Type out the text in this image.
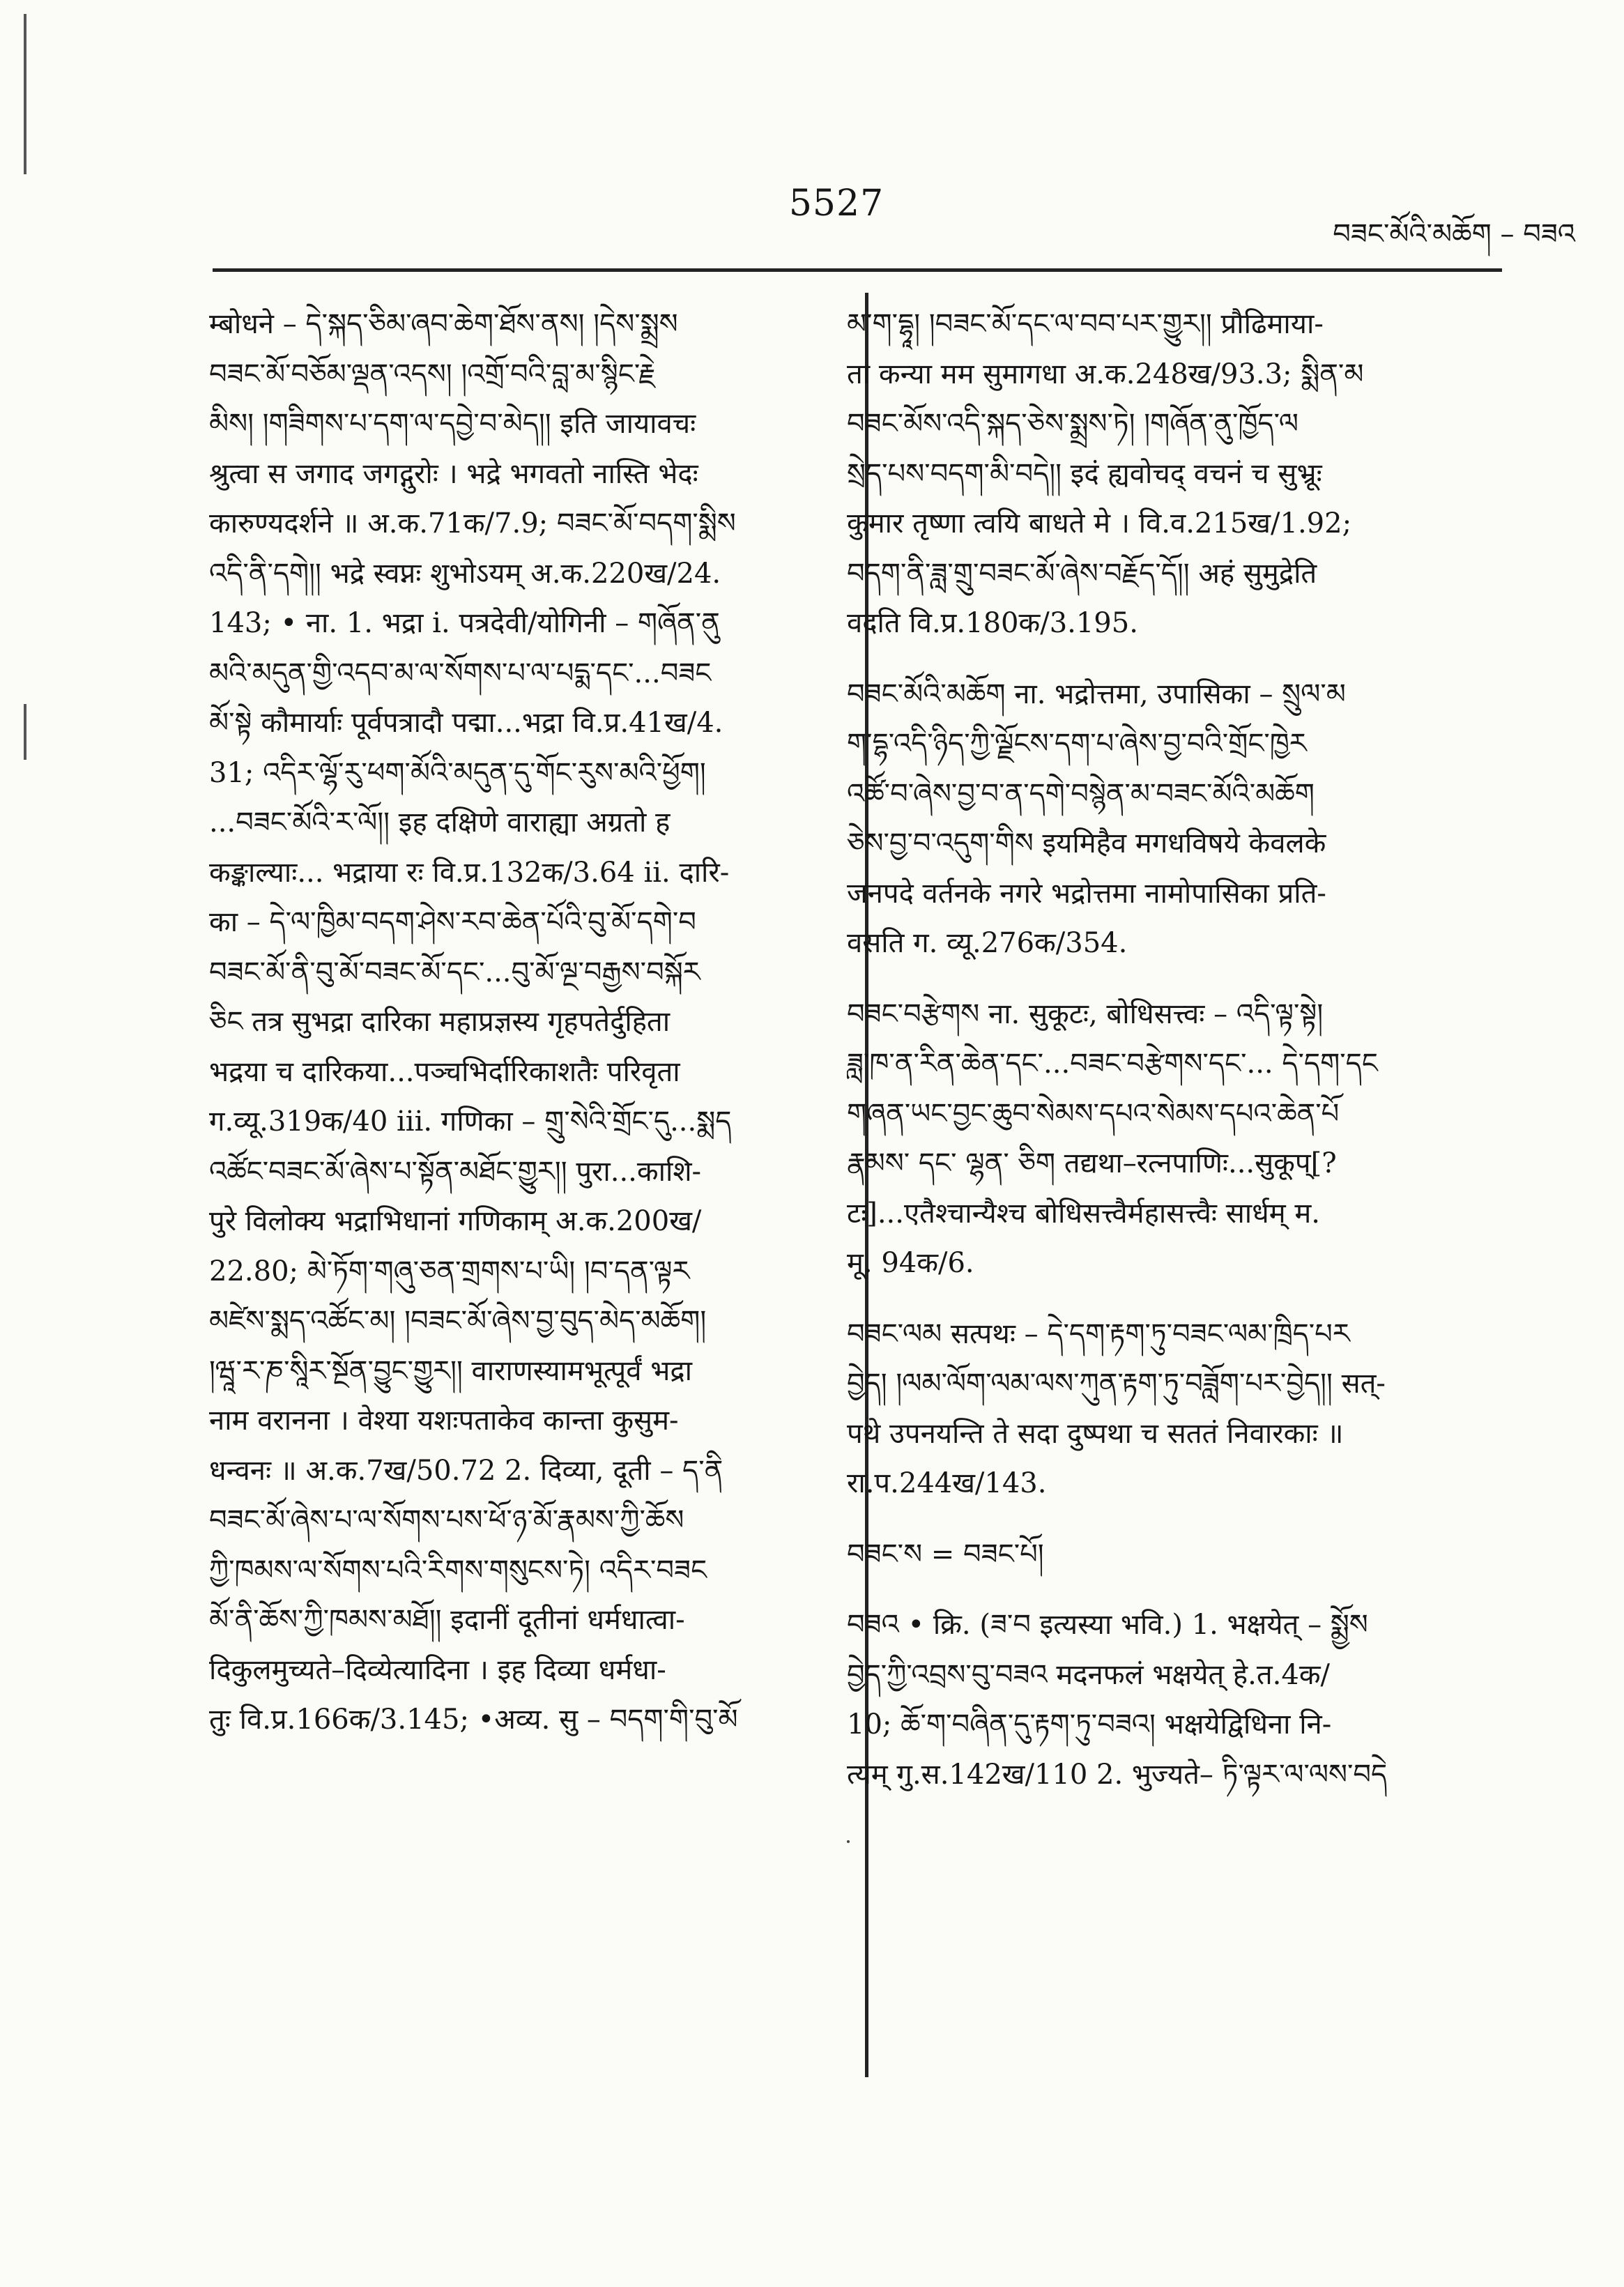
5527
བཟང་མོའི་མཆོག – བཟའ
म्बोधने – དེ་སྐད་ཅིམ་ཞབ་ཆེག་ཐོས་ནས། །དེས་སྨྲས
བཟང་མོ་བཅོམ་ལྡན་འདས། །འགྲོ་བའི་བླ་མ་སྙིང་རྗེ
མིས། །གཟིགས་པ་དག་ལ་དབྱེ་བ་མེད།། इति जायावचः
श्रुत्वा स जगाद जगद्गुरोः । भद्रे भगवतो नास्ति भेदः
कारुण्यदर्शने ॥ अ.क.71क/7.9; བཟང་མོ་བདག་སྨིས
འདི་ནི་དགེ།། भद्रे स्वप्नः शुभोऽयम् अ.क.220ख/24.
143; • ना. 1. भद्रा i. पत्रदेवी/योगिनी – གཞོན་ནུ
མའི་མདུན་གྱི་འདབ་མ་ལ་སོགས་པ་ལ་པདྨ་དང་...བཟང
མོ་སྟེ कौमार्याः पूर्वपत्रादौ पद्मा...भद्रा वि.प्र.41ख/4.
31; འདིར་ལྷོ་རུ་ཕག་མོའི་མདུན་དུ་གོང་རུས་མའི་ཕྱོག།
...བཟང་མོའི་ར་ལོ།། इह दक्षिणे वाराह्या अग्रतो ह
कङ्काल्याः... भद्राया रः वि.प्र.132क/3.64 ii. दारि-
का – དེ་ལ་ཁྱིམ་བདག་ཤེས་རབ་ཆེན་པོའི་བུ་མོ་དགེ་བ
བཟང་མོ་ནི་བུ་མོ་བཟང་མོ་དང་...བུ་མོ་ལྔ་བརྒྱས་བསྐོར
ཅིང तत्र सुभद्रा दारिका महाप्रज्ञस्य गृहपतेर्दुहिता
भद्रया च दारिकया...पञ्चभिर्दारिकाशतैः परिवृता
ग.व्यू.319क/40 iii. गणिका – གྲུ་སེའི་གྲོང་དུ...སྨད
འཚོང་བཟང་མོ་ཞེས་པ་སྟོན་མཐོང་གྱུར།། पुरा...काशि-
पुरे विलोक्य भद्राभिधानां गणिकाम् अ.क.200ख/
22.80; མེ་ཏོག་གཞུ་ཅན་གྲགས་པ་ཡི། །བ་དན་ལྟར
མཛེས་སྨད་འཚོང་མ། །བཟང་མོ་ཞེས་བྱ་བུད་མེད་མཆོག།
།ཝཱ་ར་ཎ་སཱིར་སྔོན་བྱུང་གྱུར།། वाराणस्यामभूत्पूर्वं भद्रा
नाम वरानना । वेश्या यशःपताकेव कान्ता कुसुम-
धन्वनः ॥ अ.क.7ख/50.72 2. दिव्या, दूती – ད་ནི
བཟང་མོ་ཞེས་པ་ལ་སོགས་པས་ཕོ་ཉ་མོ་རྣམས་ཀྱི་ཆོས
ཀྱི་ཁམས་ལ་སོགས་པའི་རིགས་གསུངས་ཏེ། འདིར་བཟང
མོ་ནི་ཆོས་ཀྱི་ཁམས་མཐོ།། इदानीं दूतीनां धर्मधात्वा-
दिकुलमुच्यते–दिव्येत्यादिना । इह दिव्या धर्मधा-
तुः वि.प्र.166क/3.145; •अव्य. सु – བདག་གི་བུ་མོ
མ་ག་དྷཱ། །བཟང་མོ་དང་ལ་བབ་པར་གྱུར།། प्रौढिमाया-
ता कन्या मम सुमागधा अ.क.248ख/93.3; སྨིན་མ
བཟང་མོས་འདི་སྐད་ཅེས་སྨྲས་ཏེ། །གཞོན་ནུ་ཁྱོད་ལ
སྲེད་པས་བདག་མི་བདེ།། इदं ह्यवोचद् वचनं च सुभ्रूः
कुमार तृष्णा त्वयि बाधते मे । वि.व.215ख/1.92;
བདག་ནི་ཟླ་གྲུ་བཟང་མོ་ཞེས་བརྗོད་དོ།། अहं सुमुद्रेति
वदति वि.प्र.180क/3.195.
བཟང་མོའི་མཆོག ना. भद्रोत्तमा, उपासिका – སྲུལ་མ
ག་དྷ་འདི་ཉིད་ཀྱི་ལྗོངས་དག་པ་ཞེས་བྱ་བའི་གྲོང་ཁྱེར
འཚོ་བ་ཞེས་བྱ་བ་ན་དགེ་བསྙེན་མ་བཟང་མོའི་མཆོག
ཅེས་བྱ་བ་འདུག་གིས इयमिहैव मगधविषये केवलके
जनपदे वर्तनके नगरे भद्रोत्तमा नामोपासिका प्रति-
वसति ग. व्यू.276क/354.
བཟང་བརྩེགས ना. सुकूटः, बोधिसत्त्वः – འདི་ལྟ་སྟེ།
ཟླ་ཁ་ན་རིན་ཆེན་དང་...བཟང་བརྩེགས་དང་... དེ་དག་དང
གཞན་ཡང་བྱང་ཆུབ་སེམས་དཔའ་སེམས་དཔའ་ཆེན་པོ
རྣམས་ དང་ ལྷན་ ཅིག तद्यथा–रत्नपाणिः...सुकूप्[?
टः]...एतैश्चान्यैश्च बोधिसत्त्वैर्महासत्त्वैः सार्धम् म.
मू. 94क/6.
བཟང་ལམ सत्पथः – དེ་དག་རྟག་ཏུ་བཟང་ལམ་ཁྲིད་པར
བྱེད། །ལམ་ལོག་ལམ་ལས་ཀུན་རྟག་ཏུ་བཟློག་པར་བྱེད།། सत्-
पथे उपनयन्ति ते सदा दुष्पथा च सततं निवारकाः ॥
रा.प.244ख/143.
བཟང་ས = བཟང་པོ།
བཟའ • क्रि. (ཟ་བ इत्यस्या भवि.) 1. भक्षयेत् – སྨྱོས
བྱེད་ཀྱི་འབྲས་བུ་བཟའ मदनफलं भक्षयेत् हे.त.4क/
10; ཆོ་ག་བཞིན་དུ་རྟག་ཏུ་བཟའ། भक्षयेद्विधिना नि-
त्यम् गु.स.142ख/110 2. भुज्यते– ཏི་ལྟར་ལ་ལས་བདེ
